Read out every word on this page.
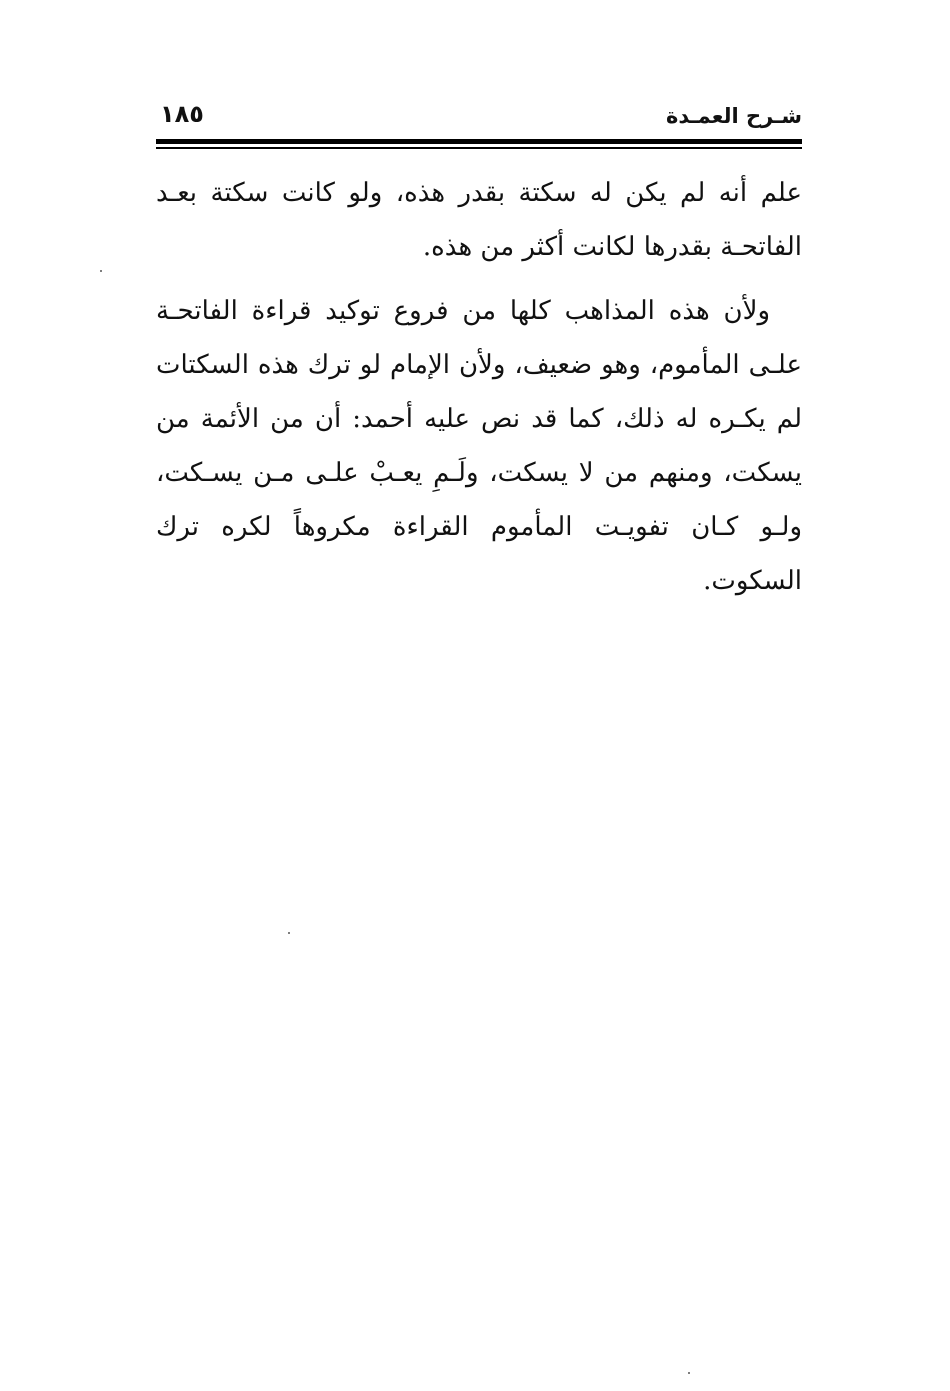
شـرح العمـدة
١٨٥

علم أنه لم يكن له سكتة بقدر هذه، ولو كانت سكتة بعـد الفاتحـة بقدرها لكانت أكثر من هذه.

ولأن هذه المذاهب كلها من فروع توكيد قراءة الفاتحـة علـى المأموم، وهو ضعيف، ولأن الإمام لو ترك هذه السكتات لم يكـره له ذلك، كما قد نص عليه أحمد: أن من الأئمة من يسكت، ومنهم من لا يسكت، ولَـمِ يعـبْ علـى مـن يسـكت، ولـو كـان تفويـت المأموم القراءة مكروهاً لكره ترك السكوت.
